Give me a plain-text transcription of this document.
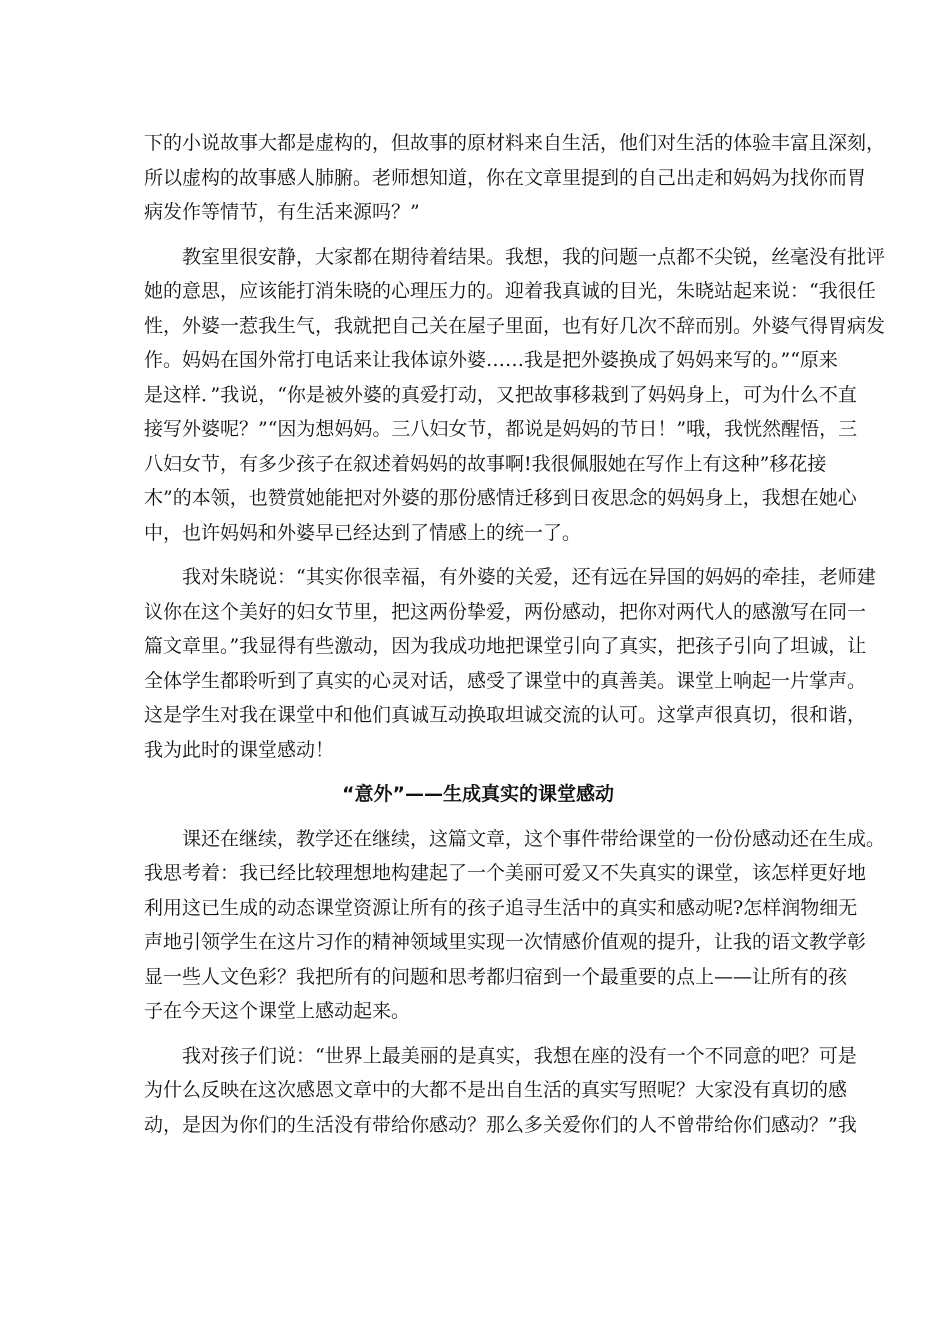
下的小说故事大都是虚构的，但故事的原材料来自生活，他们对生活的体验丰富且深刻，
所以虚构的故事感人肺腑。老师想知道，你在文章里提到的自己出走和妈妈为找你而胃
病发作等情节，有生活来源吗？”
教室里很安静，大家都在期待着结果。我想，我的问题一点都不尖锐，丝毫没有批评
她的意思，应该能打消朱晓的心理压力的。迎着我真诚的目光，朱晓站起来说：“我很任
性，外婆一惹我生气，我就把自己关在屋子里面，也有好几次不辞而别。外婆气得胃病发
作。妈妈在国外常打电话来让我体谅外婆……我是把外婆换成了妈妈来写的。”“原来
是这样．”我说，“你是被外婆的真爱打动，又把故事移栽到了妈妈身上，可为什么不直
接写外婆呢？”“因为想妈妈。三八妇女节，都说是妈妈的节日！”哦，我恍然醒悟，三
八妇女节，有多少孩子在叙述着妈妈的故事啊!我很佩服她在写作上有这种”移花接
木”的本领，也赞赏她能把对外婆的那份感情迁移到日夜思念的妈妈身上，我想在她心
中，也许妈妈和外婆早已经达到了情感上的统一了。
我对朱晓说：“其实你很幸福，有外婆的关爱，还有远在异国的妈妈的牵挂，老师建
议你在这个美好的妇女节里，把这两份挚爱，两份感动，把你对两代人的感激写在同一
篇文章里。”我显得有些激动，因为我成功地把课堂引向了真实，把孩子引向了坦诚，让
全体学生都聆听到了真实的心灵对话，感受了课堂中的真善美。课堂上响起一片掌声。
这是学生对我在课堂中和他们真诚互动换取坦诚交流的认可。这掌声很真切，很和谐，
我为此时的课堂感动！
“意外”——生成真实的课堂感动
课还在继续，教学还在继续，这篇文章，这个事件带给课堂的一份份感动还在生成。
我思考着：我已经比较理想地构建起了一个美丽可爱又不失真实的课堂，该怎样更好地
利用这已生成的动态课堂资源让所有的孩子追寻生活中的真实和感动呢?怎样润物细无
声地引领学生在这片习作的精神领域里实现一次情感价值观的提升，让我的语文教学彰
显一些人文色彩？我把所有的问题和思考都归宿到一个最重要的点上——让所有的孩
子在今天这个课堂上感动起来。
我对孩子们说：“世界上最美丽的是真实，我想在座的没有一个不同意的吧？可是
为什么反映在这次感恩文章中的大都不是出自生活的真实写照呢？大家没有真切的感
动，是因为你们的生活没有带给你感动？那么多关爱你们的人不曾带给你们感动？”我
